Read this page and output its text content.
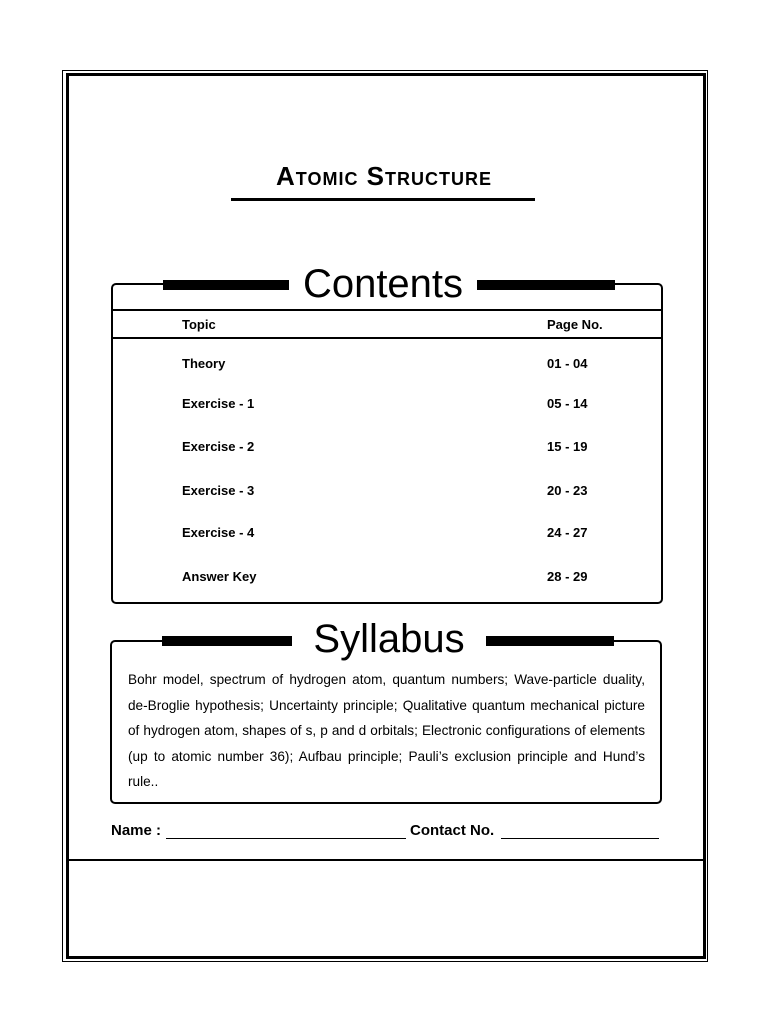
Atomic Structure
Contents
Topic	Page No.
Theory	01 - 04
Exercise - 1	05 - 14
Exercise - 2	15 - 19
Exercise - 3	20 - 23
Exercise - 4	24 - 27
Answer Key	28 - 29
Syllabus
Bohr model, spectrum of hydrogen atom, quantum numbers; Wave-particle duality, de-Broglie hypothesis; Uncertainty principle; Qualitative quantum mechanical picture of hydrogen atom, shapes of s, p and d orbitals; Electronic configurations of elements (up to atomic number 36); Aufbau principle; Pauli’s exclusion principle and Hund’s rule..
Name :	Contact No.
